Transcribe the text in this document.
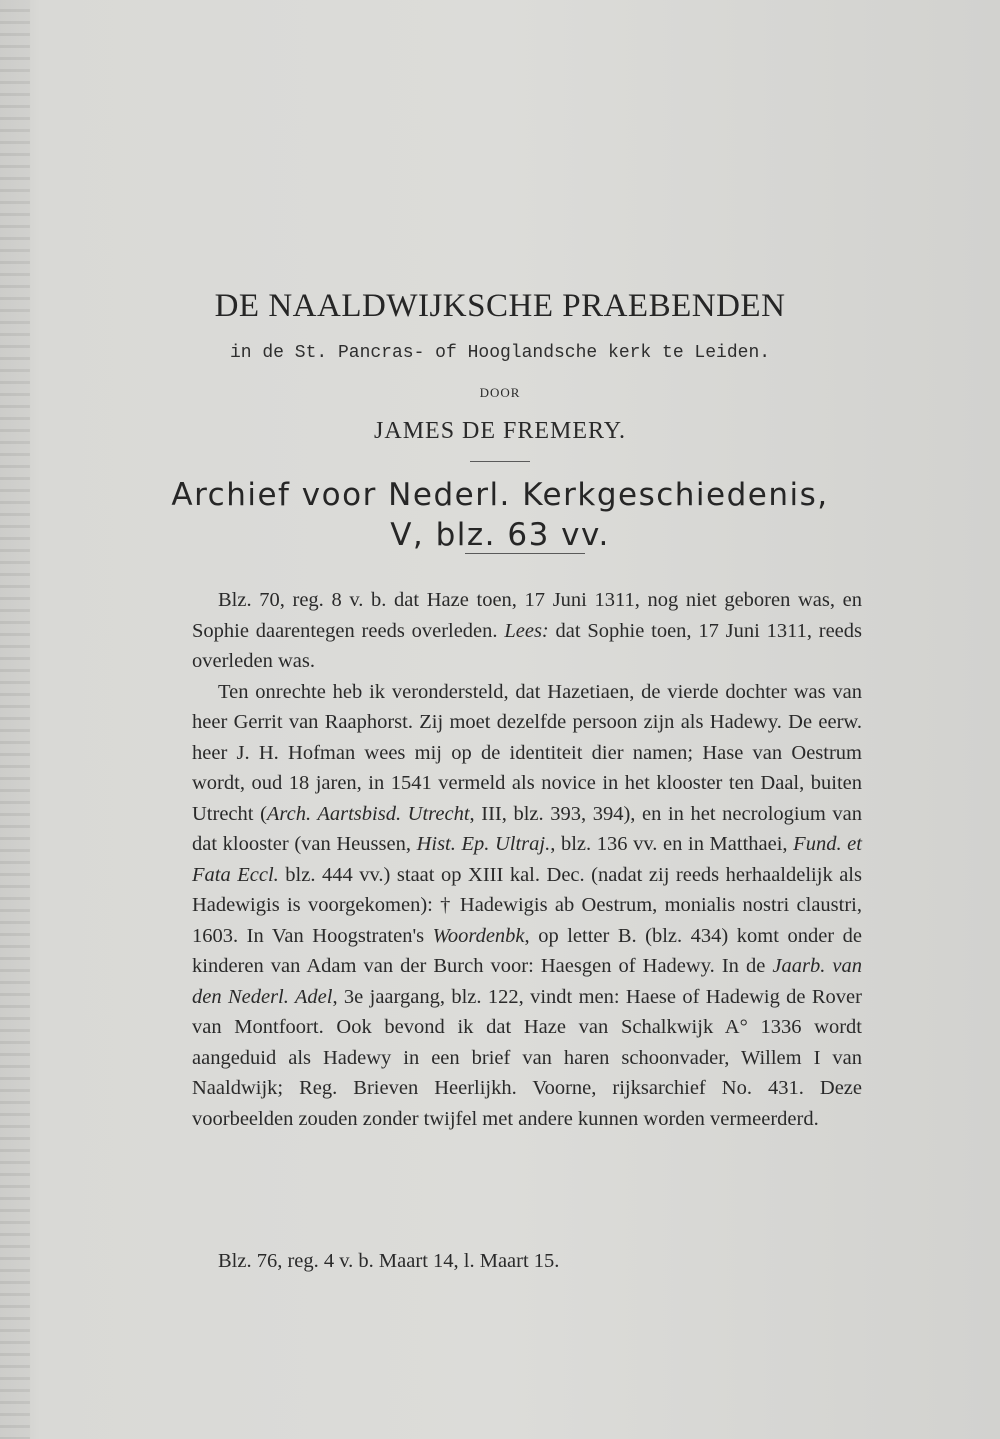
DE NAALDWIJKSCHE PRAEBENDEN
in de St. Pancras- of Hooglandsche kerk te Leiden.
DOOR
JAMES DE FREMERY.
Archief voor Nederl. Kerkgeschiedenis,
V, blz. 63 vv.

Blz. 70, reg. 8 v. b. dat Haze toen, 17 Juni 1311, nog niet geboren was, en Sophie daarentegen reeds overleden. Lees: dat Sophie toen, 17 Juni 1311, reeds overleden was.

Ten onrechte heb ik verondersteld, dat Hazetiaen, de vierde dochter was van heer Gerrit van Raaphorst. Zij moet dezelfde persoon zijn als Hadewy. De eerw. heer J. H. Hofman wees mij op de identiteit dier namen; Hase van Oestrum wordt, oud 18 jaren, in 1541 vermeld als novice in het klooster ten Daal, buiten Utrecht (Arch. Aartsbisd. Utrecht, III, blz. 393, 394), en in het necrologium van dat klooster (van Heussen, Hist. Ep. Ultraj., blz. 136 vv. en in Matthaei, Fund. et Fata Eccl. blz. 444 vv.) staat op XIII kal. Dec. (nadat zij reeds herhaaldelijk als Hadewigis is voorgekomen): † Hadewigis ab Oestrum, monialis nostri claustri, 1603. In Van Hoogstraten's Woordenbk, op letter B. (blz. 434) komt onder de kinderen van Adam van der Burch voor: Haesgen of Hadewy. In de Jaarb. van den Nederl. Adel, 3e jaargang, blz. 122, vindt men: Haese of Hadewig de Rover van Montfoort. Ook bevond ik dat Haze van Schalkwijk A° 1336 wordt aangeduid als Hadewy in een brief van haren schoonvader, Willem I van Naaldwijk; Reg. Brieven Heerlijkh. Voorne, rijksarchief No. 431. Deze voorbeelden zouden zonder twijfel met andere kunnen worden vermeerderd.

Blz. 76, reg. 4 v. b. Maart 14, l. Maart 15.
